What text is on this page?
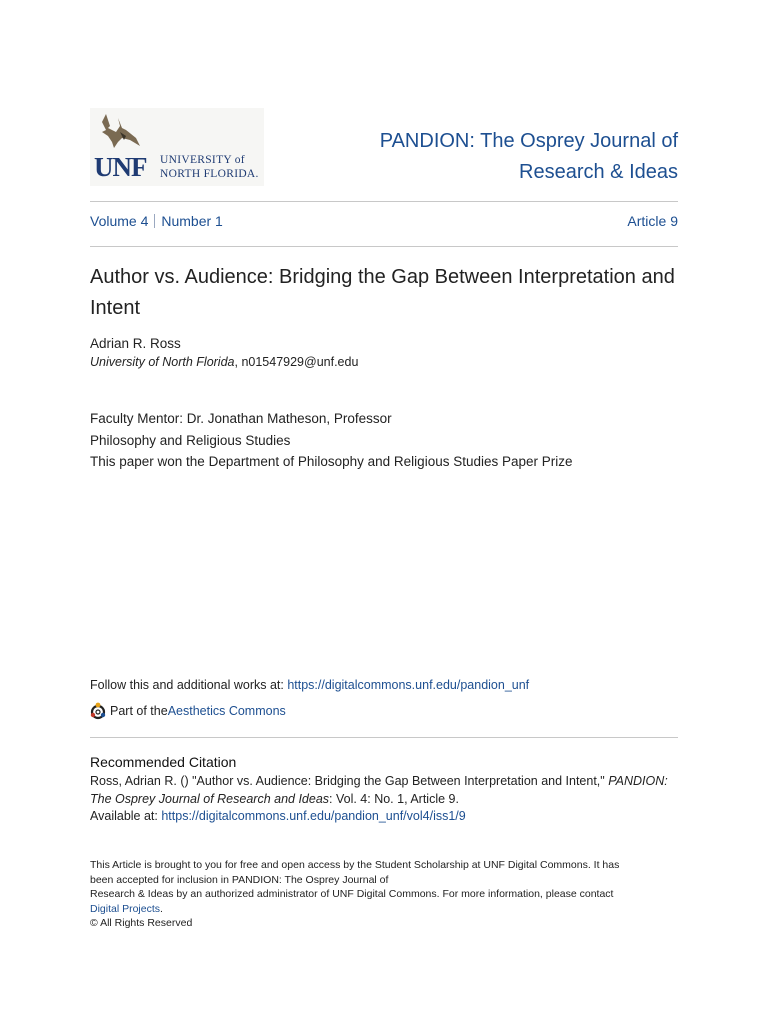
UNF UNIVERSITY of
NORTH FLORIDA.
PANDION: The Osprey Journal of
Research & Ideas
Volume 4 Number 1	Article 9
Author vs. Audience: Bridging the Gap Between Interpretation and
Intent
Adrian R. Ross
University of North Florida, n01547929@unf.edu
Faculty Mentor: Dr. Jonathan Matheson, Professor
Philosophy and Religious Studies
This paper won the Department of Philosophy and Religious Studies Paper Prize
Follow this and additional works at: https://digitalcommons.unf.edu/pandion_unf
Part of the Aesthetics Commons
Recommended Citation
Ross, Adrian R. () "Author vs. Audience: Bridging the Gap Between Interpretation and Intent," PANDION:
The Osprey Journal of Research and Ideas: Vol. 4: No. 1, Article 9.
Available at: https://digitalcommons.unf.edu/pandion_unf/vol4/iss1/9
This Article is brought to you for free and open access by the Student Scholarship at UNF Digital Commons. It has
been accepted for inclusion in PANDION: The Osprey Journal of
Research & Ideas by an authorized administrator of UNF Digital Commons. For more information, please contact
Digital Projects.
© All Rights Reserved
